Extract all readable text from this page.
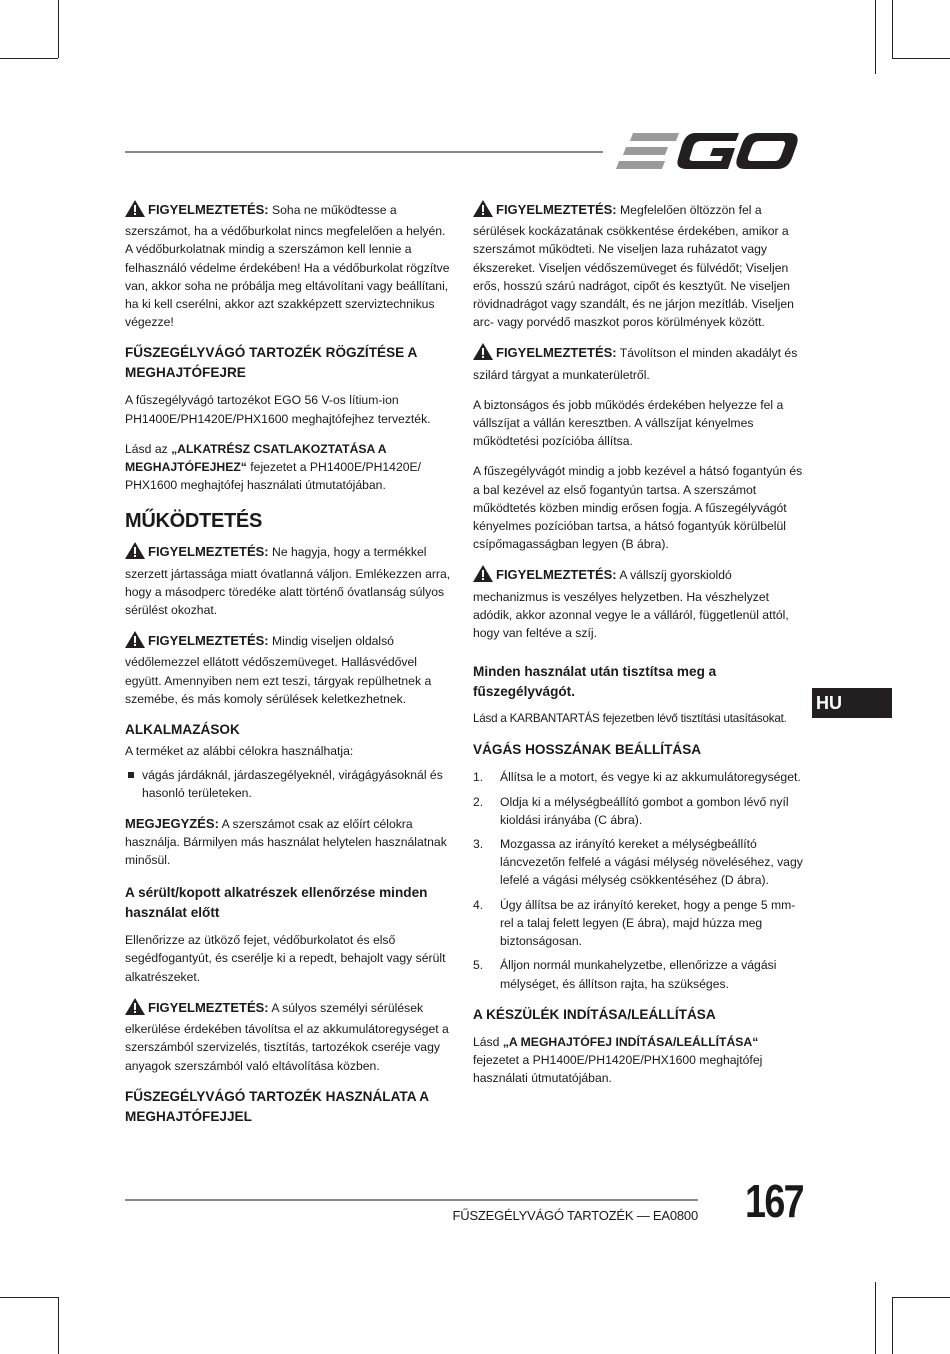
FIGYELMEZTETÉS: Soha ne működtesse a szerszámot, ha a védőburkolat nincs megfelelően a helyén. A védőburkolatnak mindig a szerszámon kell lennie a felhasználó védelme érdekében! Ha a védőburkolat rögzítve van, akkor soha ne próbálja meg eltávolítani vagy beállítani, ha ki kell cserélni, akkor azt szakképzett szerviztechnikus végezze!

FŰSZEGÉLYVÁGÓ TARTOZÉK RÖGZÍTÉSE A MEGHAJTÓFEJRE

A fűszegélyvágó tartozékot EGO 56 V-os lítium-ion PH1400E/PH1420E/PHX1600 meghajtófejhez tervezték.

Lásd az „ALKATRÉSZ CSATLAKOZTATÁSA A MEGHAJTÓFEJHEZ“ fejezetet a PH1400E/PH1420E/ PHX1600 meghajtófej használati útmutatójában.

MŰKÖDTETÉS

FIGYELMEZTETÉS: Ne hagyja, hogy a termékkel szerzett jártassága miatt óvatlanná váljon. Emlékezzen arra, hogy a másodperc töredéke alatt történő óvatlanság súlyos sérülést okozhat.

FIGYELMEZTETÉS: Mindig viseljen oldalsó védőlemezzel ellátott védőszemüveget. Hallásvédővel együtt. Amennyiben nem ezt teszi, tárgyak repülhetnek a szemébe, és más komoly sérülések keletkezhetnek.

ALKALMAZÁSOK

A terméket az alábbi célokra használhatja:

vágás járdáknál, járdaszegélyeknél, virágágyásoknál és hasonló területeken.

MEGJEGYZÉS: A szerszámot csak az előírt célokra használja. Bármilyen más használat helytelen használatnak minősül.

A sérült/kopott alkatrészek ellenőrzése minden használat előtt

Ellenőrizze az ütköző fejet, védőburkolatot és első segédfogantyút, és cserélje ki a repedt, behajolt vagy sérült alkatrészeket.

FIGYELMEZTETÉS: A súlyos személyi sérülések elkerülése érdekében távolítsa el az akkumulátoregységet a szerszámból szervizelés, tisztítás, tartozékok cseréje vagy anyagok szerszámból való eltávolítása közben.

FŰSZEGÉLYVÁGÓ TARTOZÉK HASZNÁLATA A MEGHAJTÓFEJJEL

FIGYELMEZTETÉS: Megfelelően öltözzön fel a sérülések kockázatának csökkentése érdekében, amikor a szerszámot működteti. Ne viseljen laza ruházatot vagy ékszereket. Viseljen védőszemüveget és fülvédőt; Viseljen erős, hosszú szárú nadrágot, cipőt és kesztyűt. Ne viseljen rövidnadrágot vagy szandált, és ne járjon mezítláb. Viseljen arc- vagy porvédő maszkot poros körülmények között.

FIGYELMEZTETÉS: Távolítson el minden akadályt és szilárd tárgyat a munkaterületről.

A biztonságos és jobb működés érdekében helyezze fel a vállszíjat a vállán keresztben. A vállszíjat kényelmes működtetési pozícióba állítsa.

A fűszegélyvágót mindig a jobb kezével a hátsó fogantyún és a bal kezével az első fogantyún tartsa. A szerszámot működtetés közben mindig erősen fogja. A fűszegélyvágót kényelmes pozícióban tartsa, a hátsó fogantyúk körülbelül csípőmagasságban legyen (B ábra).

FIGYELMEZTETÉS: A vállszíj gyorskioldó mechanizmus is veszélyes helyzetben. Ha vészhelyzet adódik, akkor azonnal vegye le a válláról, függetlenül attól, hogy van feltéve a szíj.

Minden használat után tisztítsa meg a fűszegélyvágót.

Lásd a KARBANTARTÁS fejezetben lévő tisztítási utasításokat.

VÁGÁS HOSSZÁNAK BEÁLLÍTÁSA
1. Állítsa le a motort, és vegye ki az akkumulátoregységet.
2. Oldja ki a mélységbeállító gombot a gombon lévő nyíl kioldási irányába (C ábra).
3. Mozgassa az irányító kereket a mélységbeállító láncvezetőn felfelé a vágási mélység növeléséhez, vagy lefelé a vágási mélység csökkentéséhez (D ábra).
4. Úgy állítsa be az irányító kereket, hogy a penge 5 mm-rel a talaj felett legyen (E ábra), majd húzza meg biztonságosan.
5. Álljon normál munkahelyzetbe, ellenőrizze a vágási mélységet, és állítson rajta, ha szükséges.
A KÉSZÜLÉK INDÍTÁSA/LEÁLLÍTÁSA

Lásd „A MEGHAJTÓFEJ INDÍTÁSA/LEÁLLÍTÁSA“ fejezetet a PH1400E/PH1420E/PHX1600 meghajtófej használati útmutatójában.

HU
FŰSZEGÉLYVÁGÓ TARTOZÉK — EA0800 167
